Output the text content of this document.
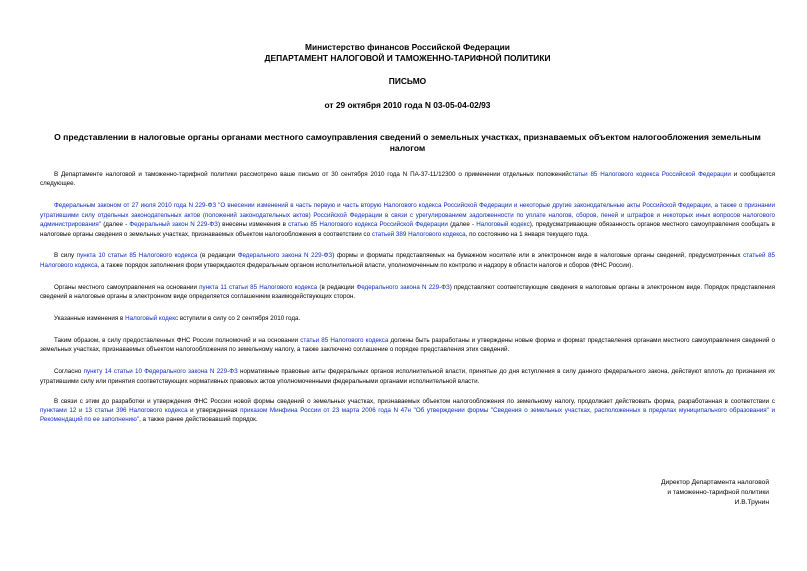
Министерство финансов Российской Федерации
ДЕПАРТАМЕНТ НАЛОГОВОЙ И ТАМОЖЕННО-ТАРИФНОЙ ПОЛИТИКИ
ПИСЬМО
от 29 октября 2010 года N 03-05-04-02/93
О представлении в налоговые органы органами местного самоуправления сведений о земельных участках, признаваемых объектом налогообложения земельным налогом

В Департаменте налоговой и таможенно-тарифной политики рассмотрено ваше письмо от 30 сентября 2010 года N ПА-37-11/12300 о применении отдельных положенийстатьи 85 Налогового кодекса Российской Федерации и сообщается следующее.

Федеральным законом от 27 июля 2010 года N 229-ФЗ "О внесении изменений в часть первую и часть вторую Налогового кодекса Российской Федерации и некоторые другие законодательные акты Российской Федерации, а также о признании утратившими силу отдельных законодательных актов (положений законодательных актов) Российской Федерации в связи с урегулированием задолженности по уплате налогов, сборов, пеней и штрафов и некоторых иных вопросов налогового администрирования" (далее - Федеральный закон N 229-ФЗ) внесены изменения в статью 85 Налогового кодекса Российской Федерации (далее - Налоговый кодекс), предусматривающие обязанность органов местного самоуправления сообщать в налоговые органы сведения о земельных участках, признаваемых объектом налогообложения в соответствии со статьей 389 Налогового кодекса, по состоянию на 1 января текущего года.

В силу пункта 10 статьи 85 Налогового кодекса (в редакции Федерального закона N 229-ФЗ) формы и форматы представляемых на бумажном носителе или в электронном виде в налоговые органы сведений, предусмотренных статьей 85 Налогового кодекса, а также порядок заполнения форм утверждаются федеральным органом исполнительной власти, уполномоченным по контролю и надзору в области налогов и сборов (ФНС России).

Органы местного самоуправления на основании пункта 11 статьи 85 Налогового кодекса (в редакции Федерального закона N 229-ФЗ) представляют соответствующие сведения в налоговые органы в электронном виде. Порядок представления сведений в налоговые органы в электронном виде определяется соглашением взаимодействующих сторон.

Указанные изменения в Налоговый кодекс вступили в силу со 2 сентября 2010 года.

Таким образом, в силу предоставленных ФНС России полномочий и на основании статьи 85 Налогового кодекса должны быть разработаны и утверждены новые форма и формат представления органами местного самоуправления сведений о земельных участках, признаваемых объектом налогообложения по земельному налогу, а также заключено соглашение о порядке представления этих сведений.

Согласно пункту 14 статьи 10 Федерального закона N 229-ФЗ нормативные правовые акты федеральных органов исполнительной власти, принятые до дня вступления в силу данного федерального закона, действуют вплоть до признания их утратившими силу или принятия соответствующих нормативных правовых актов уполномоченными федеральными органами исполнительной власти.

В связи с этим до разработки и утверждения ФНС России новой формы сведений о земельных участках, признаваемых объектом налогообложения по земельному налогу, продолжает действовать форма, разработанная в соответствии с пунктами 12 и 13 статьи 396 Налогового кодекса и утвержденная приказом Минфина России от 23 марта 2006 года N 47н "Об утверждении формы "Сведения о земельных участках, расположенных в пределах муниципального образования" и Рекомендаций по ее заполнению", а также ранее действовавший порядок.

Директор Департамента налоговой
и таможенно-тарифной политики
И.В.Трунин
